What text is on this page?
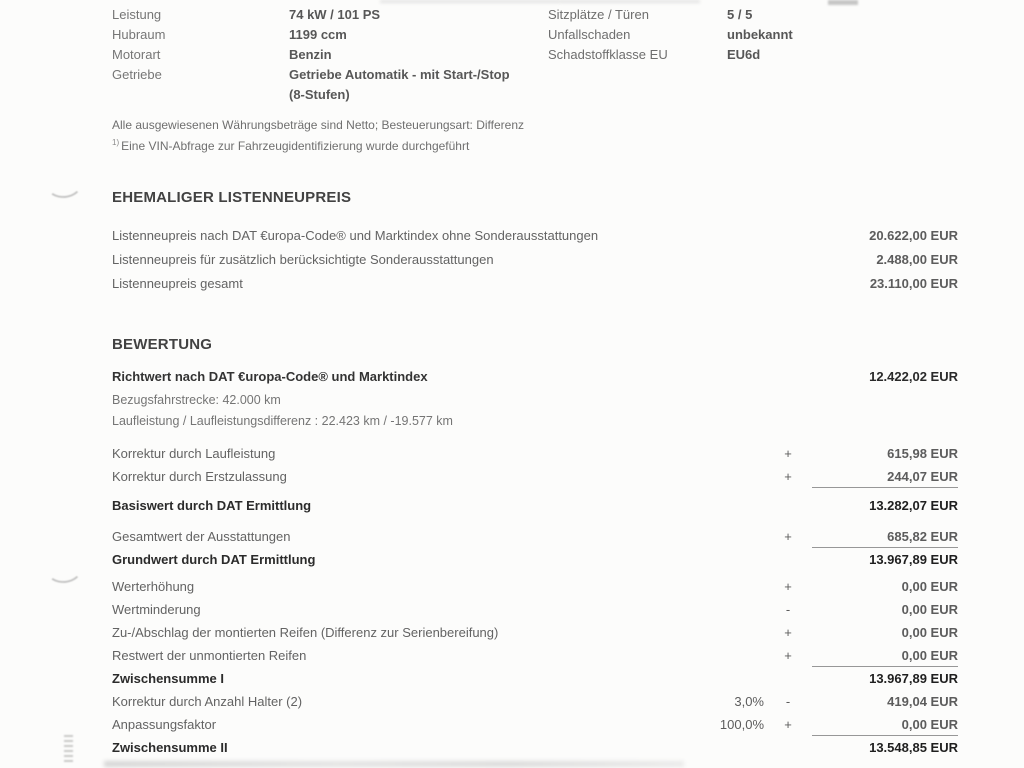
Leistung	74 kW / 101 PS	Sitzplätze / Türen	5 / 5
Hubraum	1199 ccm	Unfallschaden	unbekannt
Motorart	Benzin	Schadstoffklasse EU	EU6d
Getriebe	Getriebe Automatik - mit Start-/Stop
(8-Stufen)
Alle ausgewiesenen Währungsbeträge sind Netto; Besteuerungsart: Differenz
$^{1)}$ Eine VIN-Abfrage zur Fahrzeugidentifizierung wurde durchgeführt
EHEMALIGER LISTENNEUPREIS
Listenneupreis nach DAT €uropa-Code® und Marktindex ohne Sonderausstattungen	20.622,00 EUR
Listenneupreis für zusätzlich berücksichtigte Sonderausstattungen	2.488,00 EUR
Listenneupreis gesamt	23.110,00 EUR
BEWERTUNG
Richtwert nach DAT €uropa-Code® und Marktindex	12.422,02 EUR
Bezugsfahrstrecke: 42.000 km
Laufleistung / Laufleistungsdifferenz : 22.423 km / -19.577 km
Korrektur durch Laufleistung	+	615,98 EUR
Korrektur durch Erstzulassung	+	244,07 EUR
Basiswert durch DAT Ermittlung	13.282,07 EUR
Gesamtwert der Ausstattungen	+	685,82 EUR
Grundwert durch DAT Ermittlung	13.967,89 EUR
Werterhöhung	+	0,00 EUR
Wertminderung	-	0,00 EUR
Zu-/Abschlag der montierten Reifen (Differenz zur Serienbereifung)	+	0,00 EUR
Restwert der unmontierten Reifen	+	0,00 EUR
Zwischensumme I	13.967,89 EUR
Korrektur durch Anzahl Halter (2)	3,0%	-	419,04 EUR
Anpassungsfaktor	100,0%	+	0,00 EUR
Zwischensumme II	13.548,85 EUR
